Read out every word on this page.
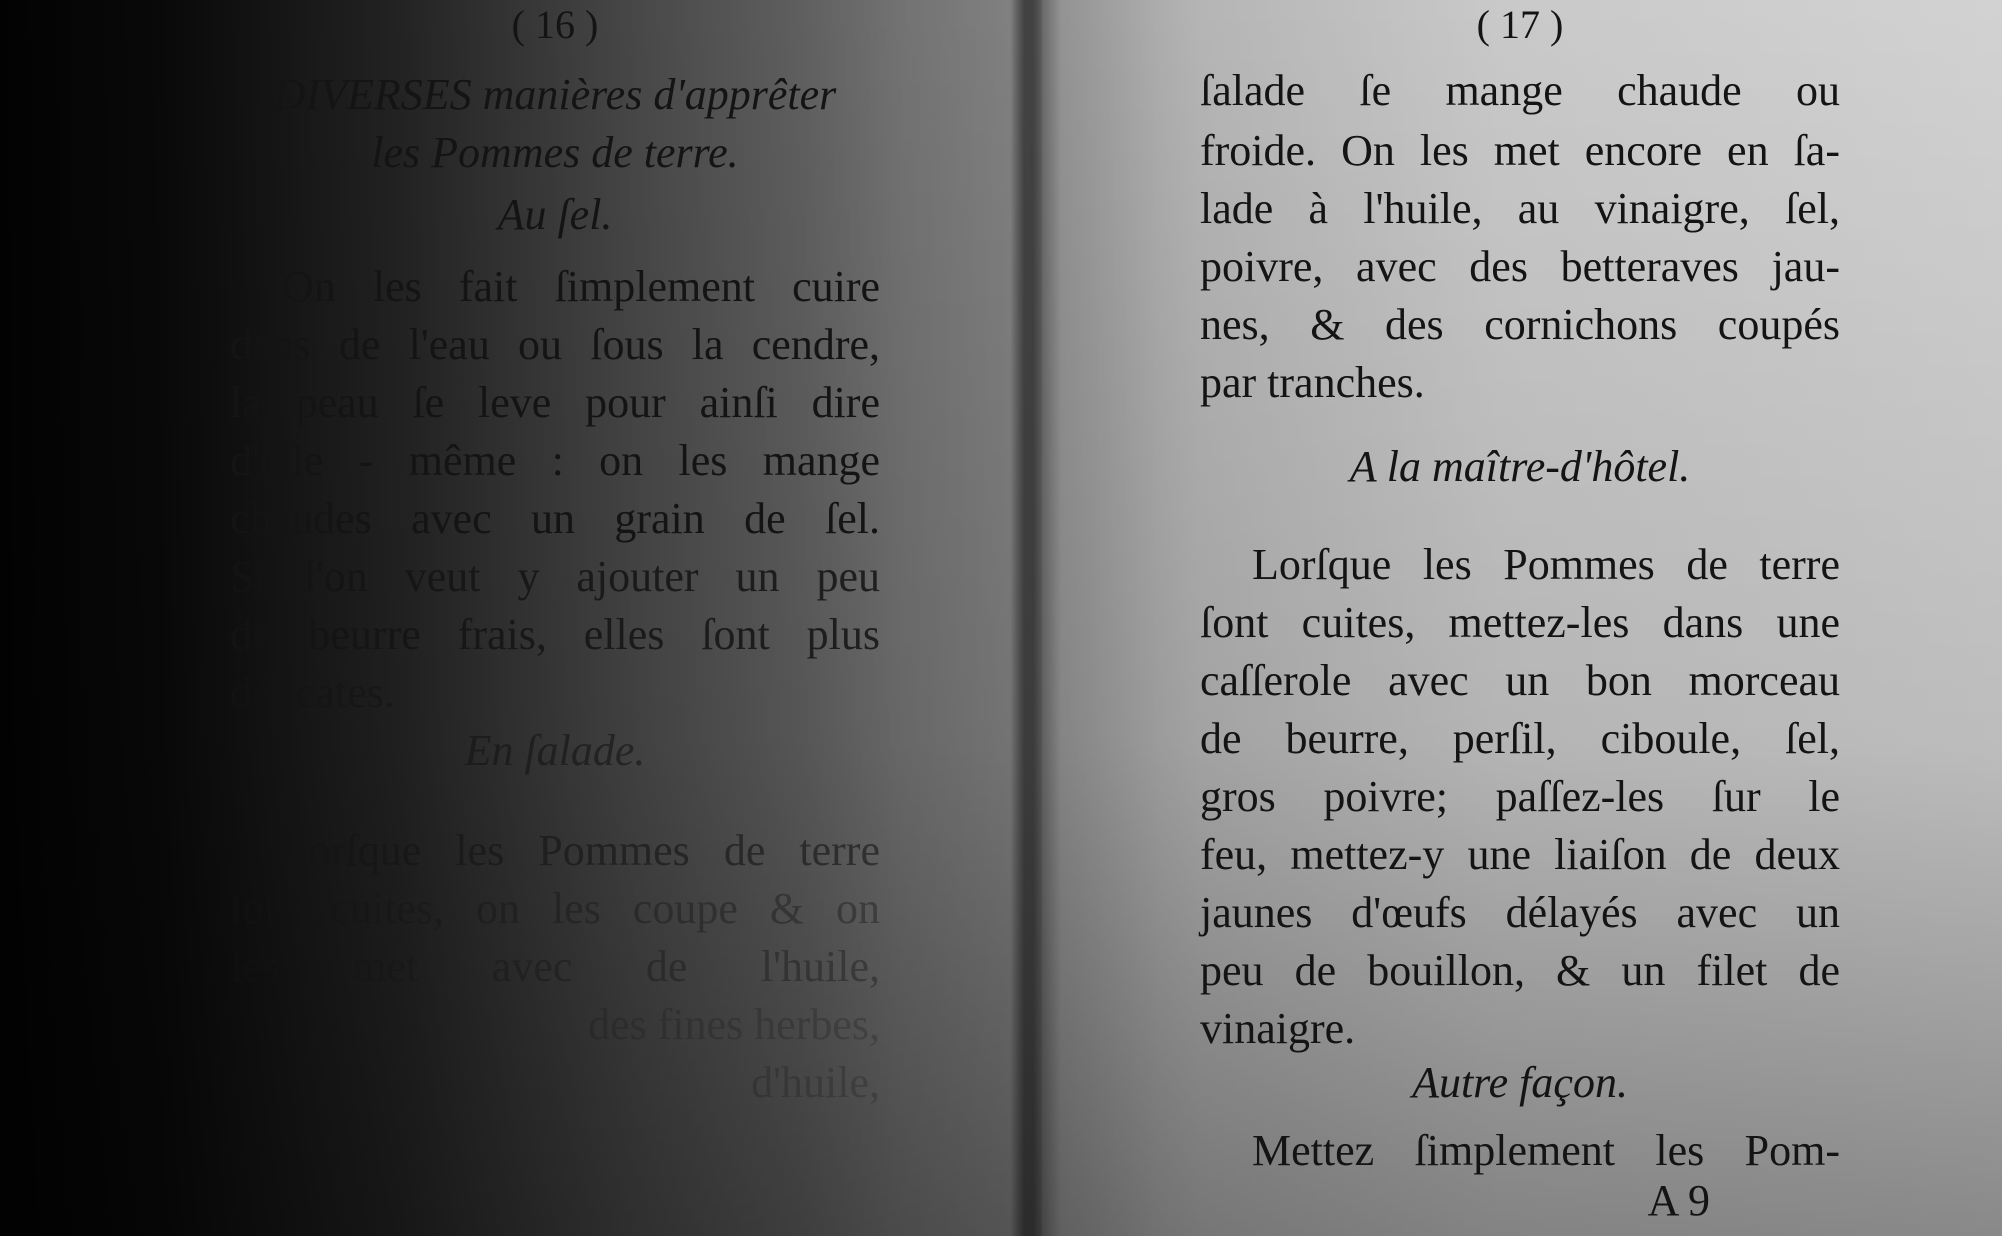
( 16 )
DIVERSES manières d'apprêter
les Pommes de terre.
Au ſel.
On les fait ſimplement cuire
dans de l'eau ou ſous la cendre,
la peau ſe leve pour ainſi dire
d'elle - même : on les mange
chaudes avec un grain de ſel.
Si l'on veut y ajouter un peu
de beurre frais, elles ſont plus
délicates.
En ſalade.
Lorſque les Pommes de terre
ſont cuites, on les coupe & on
les met avec de l'huile,
des fines herbes,
d'huile,
( 17 )
ſalade ſe mange chaude ou
froide. On les met encore en ſa-
lade à l'huile, au vinaigre, ſel,
poivre, avec des betteraves jau-
nes, & des cornichons coupés
par tranches.
A la maître-d'hôtel.
Lorſque les Pommes de terre
ſont cuites, mettez-les dans une
caſſerole avec un bon morceau
de beurre, perſil, ciboule, ſel,
gros poivre; paſſez-les ſur le
feu, mettez-y une liaiſon de deux
jaunes d'œufs délayés avec un
peu de bouillon, & un filet de
vinaigre.
Autre façon.
Mettez ſimplement les Pom-
A 9
